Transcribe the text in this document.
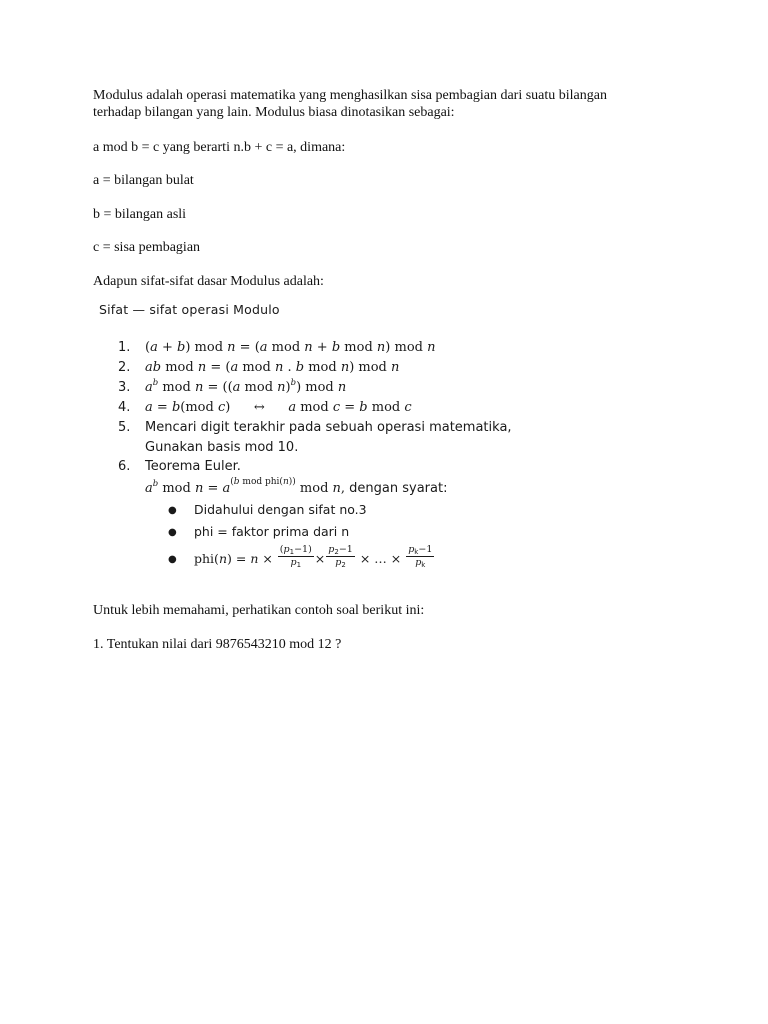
Modulus adalah operasi matematika yang menghasilkan sisa pembagian dari suatu bilangan
terhadap bilangan yang lain. Modulus biasa dinotasikan sebagai:

a mod b = c yang berarti n.b + c = a, dimana:

a = bilangan bulat

b = bilangan asli

c = sisa pembagian

Adapun sifat-sifat dasar Modulus adalah:

Sifat — sifat operasi Modulo
1. (a + b) mod n = (a mod n + b mod n) mod n
2. ab mod n = (a mod n . b mod n) mod n
3. $a^b$ mod n = ((a mod n)$^b$) mod n
4. a = b(mod c) ↔ a mod c = b mod c
5. Mencari digit terakhir pada sebuah operasi matematika,
Gunakan basis mod 10.
6. Teorema Euler.
$a^b$ mod $n = a^{(b mod phi(n))}$ mod n, dengan syarat:
● Didahului dengan sifat no.3
● phi = faktor prima dari n
● $phi(n) = n \times \frac{(p_1-1)}{p_1} \times \frac{p_2-1}{p_2}$ × … × $\frac{p_k-1}{p_k}$

Untuk lebih memahami, perhatikan contoh soal berikut ini:

1. Tentukan nilai dari 9876543210 mod 12 ?
